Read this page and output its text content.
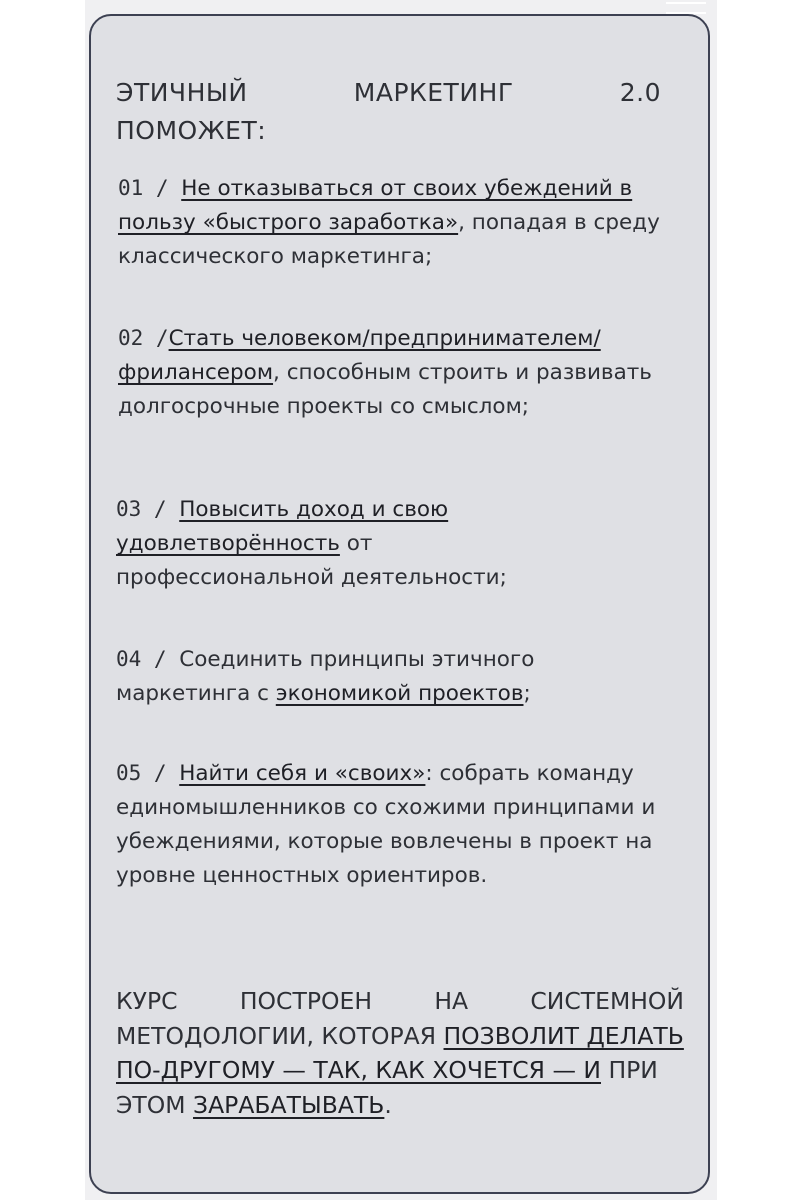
ЭТИЧНЫЙ	МАРКЕТИНГ	2.0
ПОМОЖЕТ:
01 / Не отказываться от своих убеждений в пользу «быстрого заработка», попадая в среду классического маркетинга;
02 /Стать человеком/предпринимателем/ фрилансером, способным строить и развивать долгосрочные проекты со смыслом;
03 / Повысить доход и свою удовлетворённость от профессиональной деятельности;
04 / Соединить принципы этичного маркетинга с экономикой проектов;
05 / Найти себя и «своих»: собрать команду единомышленников со схожими принципами и убеждениями, которые вовлечены в проект на уровне ценностных ориентиров.
КУРС	ПОСТРОЕН	НА	СИСТЕМНОЙ
МЕТОДОЛОГИИ, КОТОРАЯ ПОЗВОЛИТ ДЕЛАТЬ
ПО-ДРУГОМУ — ТАК, КАК ХОЧЕТСЯ — И ПРИ
ЭТОМ ЗАРАБАТЫВАТЬ.
